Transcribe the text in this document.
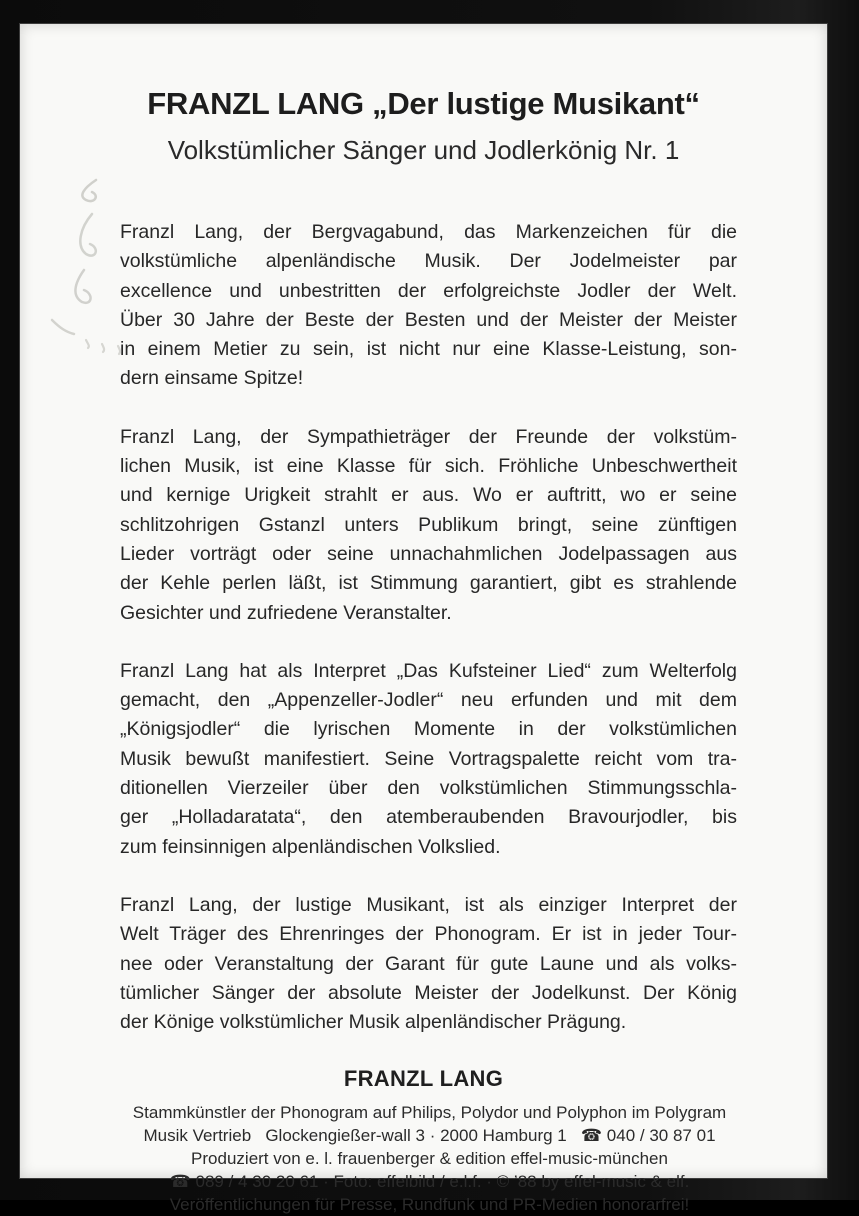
FRANZL LANG „Der lustige Musikant“
Volkstümlicher Sänger und Jodlerkönig Nr. 1
Franzl Lang, der Bergvagabund, das Markenzeichen für die
volkstümliche alpenländische Musik. Der Jodelmeister par
excellence und unbestritten der erfolgreichste Jodler der Welt.
Über 30 Jahre der Beste der Besten und der Meister der Meister
in einem Metier zu sein, ist nicht nur eine Klasse-Leistung, son-
dern einsame Spitze!
Franzl Lang, der Sympathieträger der Freunde der volkstüm-
lichen Musik, ist eine Klasse für sich. Fröhliche Unbeschwertheit
und kernige Urigkeit strahlt er aus. Wo er auftritt, wo er seine
schlitzohrigen Gstanzl unters Publikum bringt, seine zünftigen
Lieder vorträgt oder seine unnachahmlichen Jodelpassagen aus
der Kehle perlen läßt, ist Stimmung garantiert, gibt es strahlende
Gesichter und zufriedene Veranstalter.
Franzl Lang hat als Interpret „Das Kufsteiner Lied“ zum Welterfolg
gemacht, den „Appenzeller-Jodler“ neu erfunden und mit dem
„Königsjodler“ die lyrischen Momente in der volkstümlichen
Musik bewußt manifestiert. Seine Vortragspalette reicht vom tra-
ditionellen Vierzeiler über den volkstümlichen Stimmungsschla-
ger „Holladaratata“, den atemberaubenden Bravourjodler, bis
zum feinsinnigen alpenländischen Volkslied.
Franzl Lang, der lustige Musikant, ist als einziger Interpret der
Welt Träger des Ehrenringes der Phonogram. Er ist in jeder Tour-
nee oder Veranstaltung der Garant für gute Laune und als volks-
tümlicher Sänger der absolute Meister der Jodelkunst. Der König
der Könige volkstümlicher Musik alpenländischer Prägung.
FRANZL LANG
Stammkünstler der Phonogram auf Philips, Polydor und Polyphon im Polygram
Musik Vertrieb   Glockengießer-wall 3 · 2000 Hamburg 1   ☎ 040 / 30 87 01
Produziert von e. l. frauenberger & edition effel-music-münchen
☎ 089 / 4 30 20 61 · Foto: effelbild / e.l.f. · © ’88 by effel-music & elf.
Veröffentlichungen für Presse, Rundfunk und PR-Medien honorarfrei!
